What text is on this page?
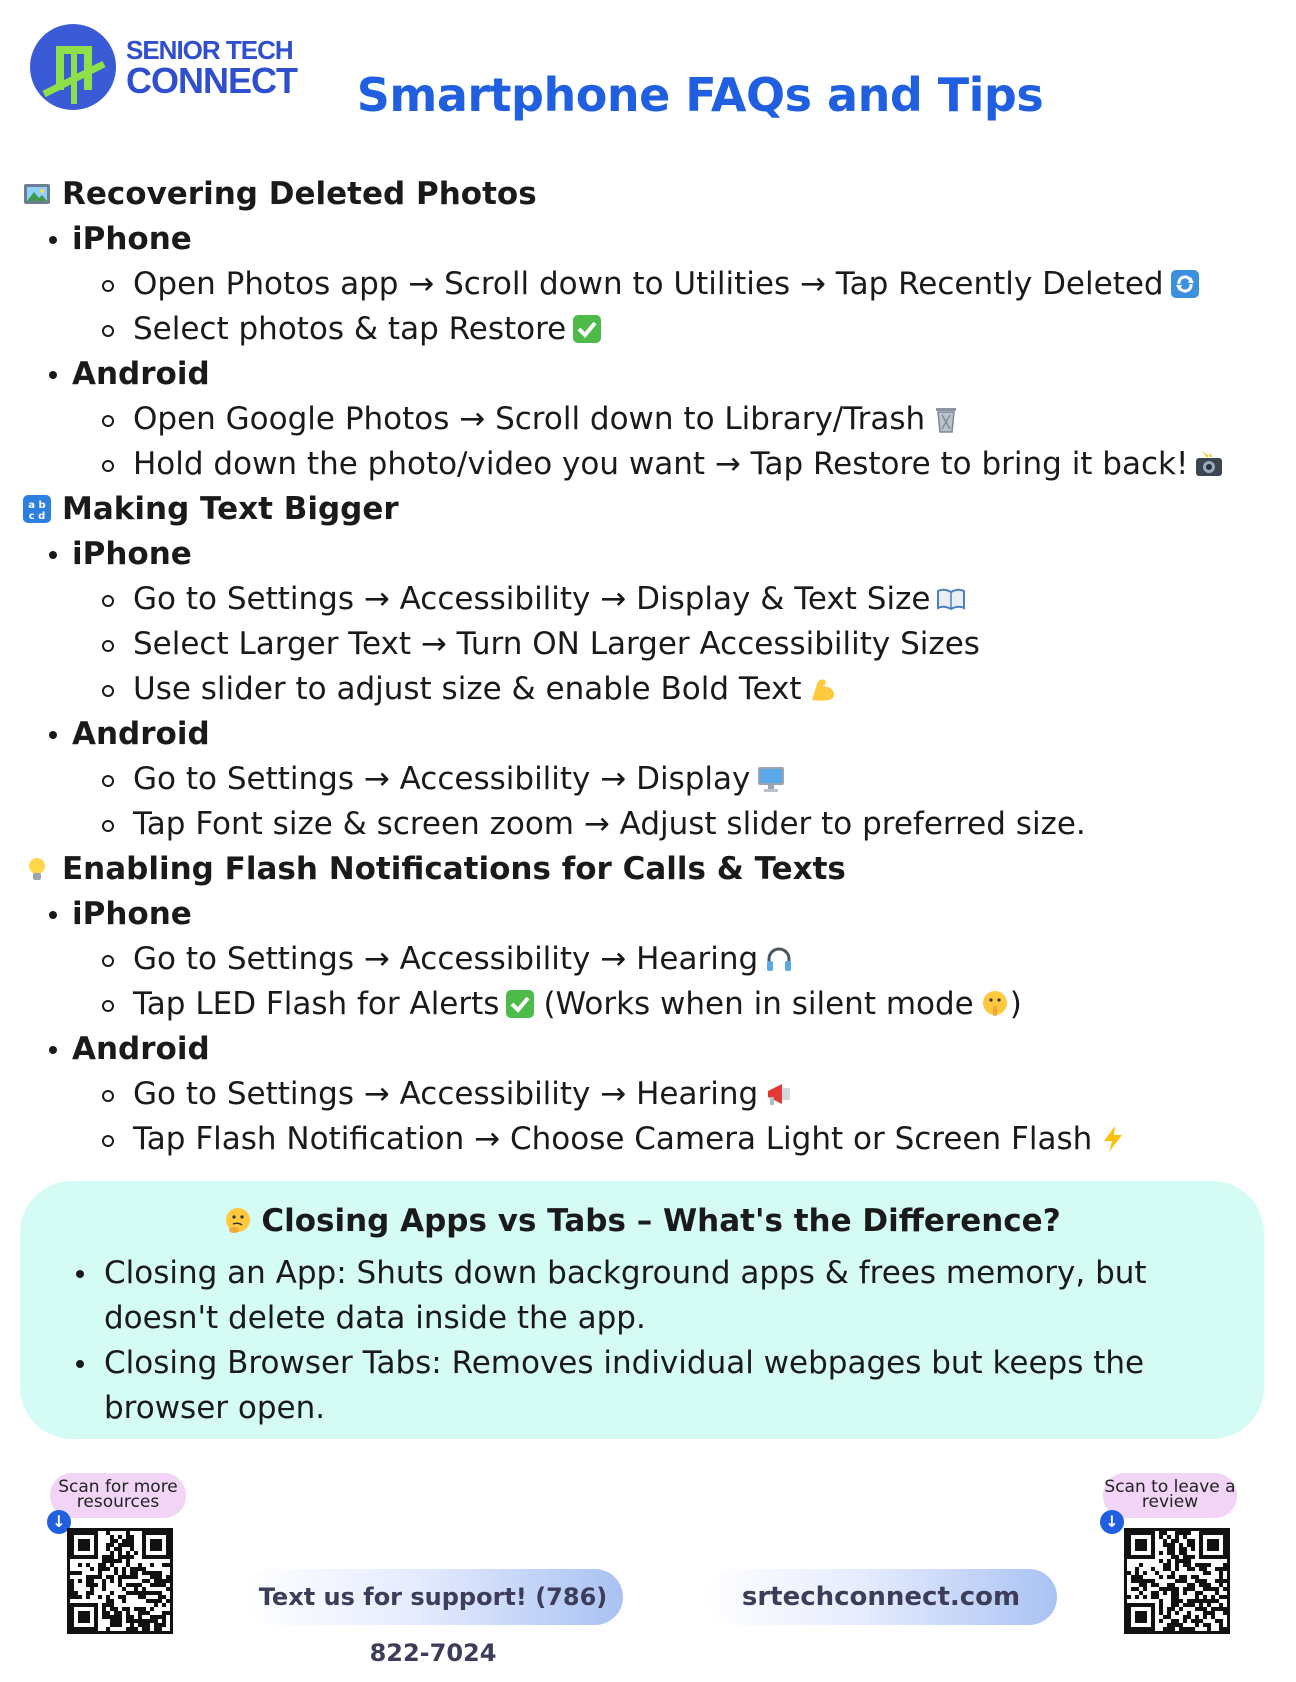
SENIOR TECH
CONNECT	Smartphone FAQs and Tips
Recovering Deleted Photos
iPhone
Open Photos app → Scroll down to Utilities → Tap Recently Deleted
Select photos & tap Restore
Android
Open Google Photos → Scroll down to Library/Trash
Hold down the photo/video you want → Tap Restore to bring it back!
a b
c d Making Text Bigger
iPhone
Go to Settings → Accessibility → Display & Text Size
Select Larger Text → Turn ON Larger Accessibility Sizes
Use slider to adjust size & enable Bold Text
Android
Go to Settings → Accessibility → Display
Tap Font size & screen zoom → Adjust slider to preferred size.
Enabling Flash Notifications for Calls & Texts
iPhone
Go to Settings → Accessibility → Hearing
Tap LED Flash for Alerts (Works when in silent mode )
Android
Go to Settings → Accessibility → Hearing
Tap Flash Notification → Choose Camera Light or Screen Flash
Closing Apps vs Tabs – What's the Difference?
Closing an App: Shuts down background apps & frees memory, but doesn't delete data inside the app.
Closing Browser Tabs: Removes individual webpages but keeps the browser open.
Scan for more resources
↓
Text us for support! (786) 822-7024
srtechconnect.com
Scan to leave a review
↓
